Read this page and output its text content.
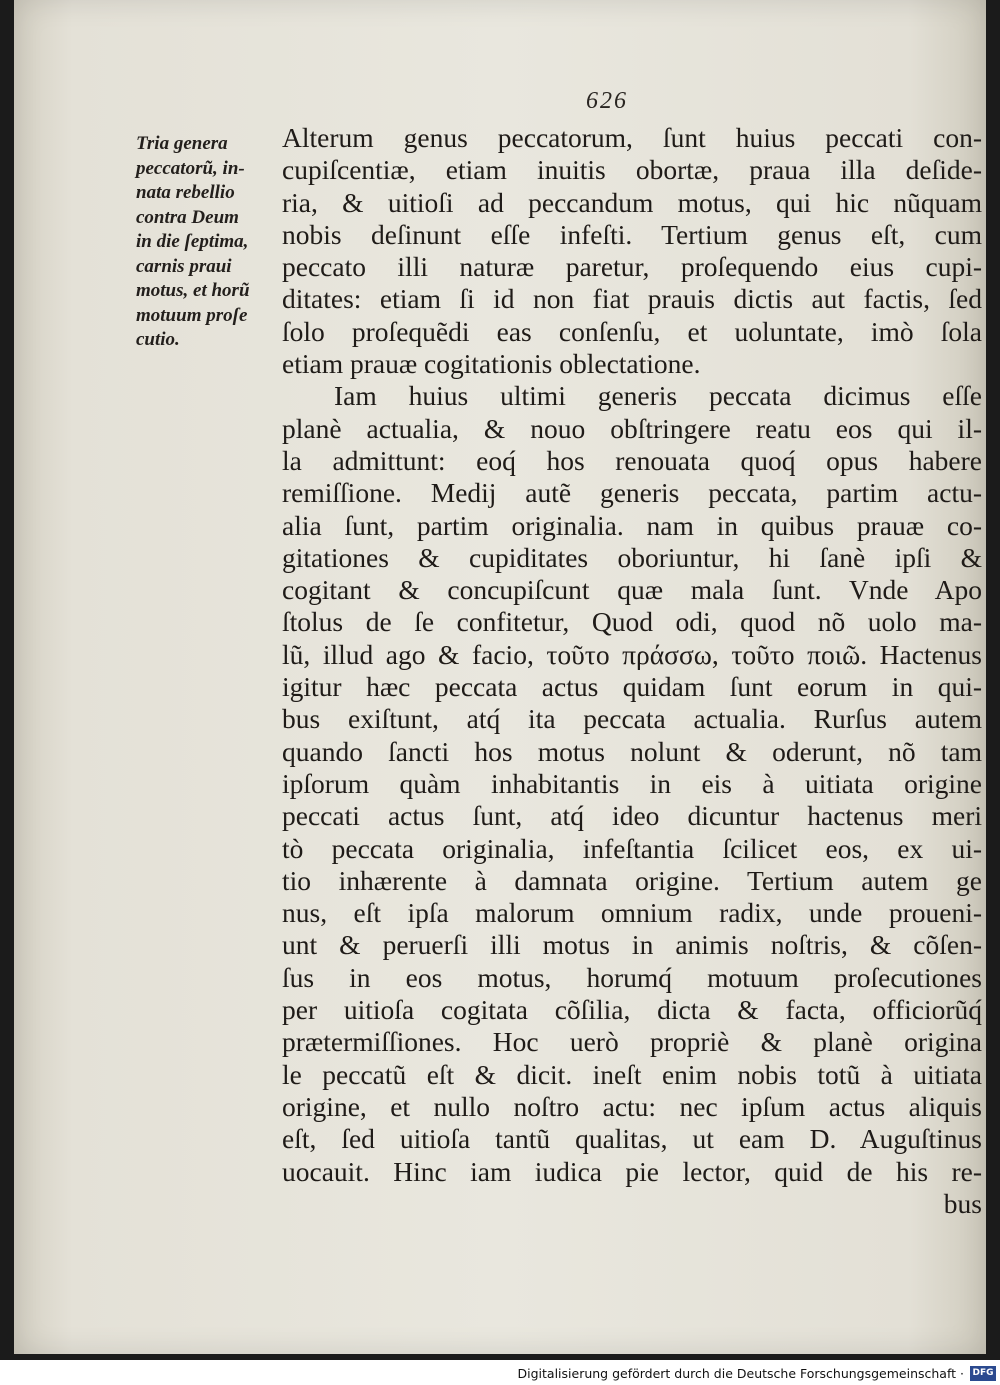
626
Tria genera
peccatorũ, in-
nata rebellio
contra Deum
in die ſeptima,
carnis praui
motus, et horũ
motuum proſe
cutio.
Alterum genus peccatorum, ſunt huius peccati con-
cupiſcentiæ, etiam inuitis obortæ, praua illa deſide-
ria, & uitioſi ad peccandum motus, qui hic nũquam
nobis deſinunt eſſe infeſti. Tertium genus eſt, cum
peccato illi naturæ paretur, proſequendo eius cupi-
ditates: etiam ſi id non fiat prauis dictis aut factis, ſed
ſolo proſequẽdi eas conſenſu, et uoluntate, imò ſola
etiam prauæ cogitationis oblectatione.
Iam huius ultimi generis peccata dicimus eſſe
planè actualia, & nouo obſtringere reatu eos qui il-
la admittunt: eoq́ hos renouata quoq́ opus habere
remiſſione. Medij autẽ generis peccata, partim actu-
alia ſunt, partim originalia. nam in quibus prauæ co-
gitationes & cupiditates oboriuntur, hi ſanè ipſi &
cogitant & concupiſcunt quæ mala ſunt. Vnde Apo
ſtolus de ſe confitetur, Quod odi, quod nõ uolo ma-
lũ, illud ago & facio, τοῦτο πράσσω, τοῦτο ποιῶ. Hactenus
igitur hæc peccata actus quidam ſunt eorum in qui-
bus exiſtunt, atq́ ita peccata actualia. Rurſus autem
quando ſancti hos motus nolunt & oderunt, nõ tam
ipſorum quàm inhabitantis in eis à uitiata origine
peccati actus ſunt, atq́ ideo dicuntur hactenus meri
tò peccata originalia, infeſtantia ſcilicet eos, ex ui-
tio inhærente à damnata origine. Tertium autem ge
nus, eſt ipſa malorum omnium radix, unde proueni-
unt & peruerſi illi motus in animis noſtris, & cõſen-
ſus in eos motus, horumq́ motuum proſecutiones
per uitioſa cogitata cõſilia, dicta & facta, officiorũq́
prætermiſſiones. Hoc uerò propriè & planè origina
le peccatũ eſt & dicit. ineſt enim nobis totũ à uitiata
origine, et nullo noſtro actu: nec ipſum actus aliquis
eſt, ſed uitioſa tantũ qualitas, ut eam D. Auguſtinus
uocauit. Hinc iam iudica pie lector, quid de his re-
bus
Digitalisierung gefördert durch die Deutsche Forschungsgemeinschaft · DFG
